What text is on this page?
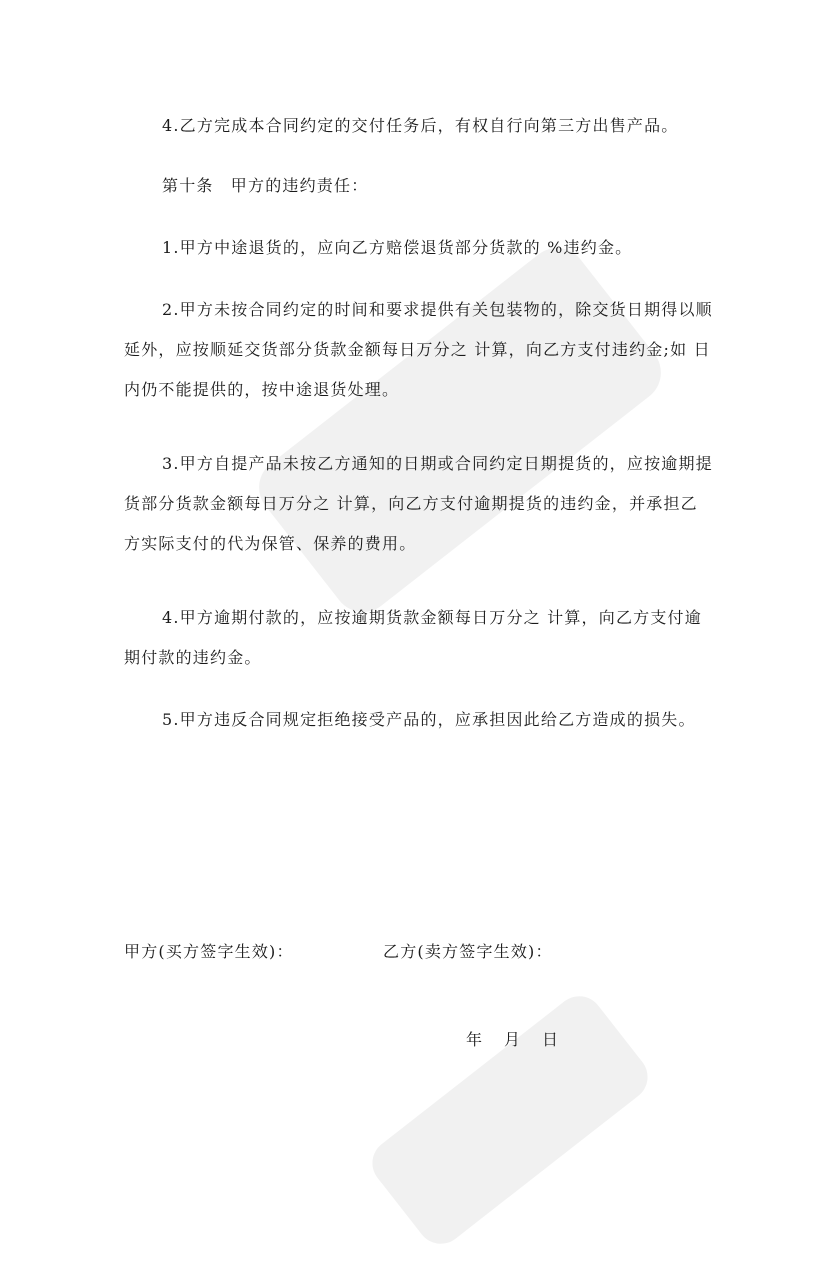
4.乙方完成本合同约定的交付任务后，有权自行向第三方出售产品。

第十条　甲方的违约责任：

1.甲方中途退货的，应向乙方赔偿退货部分货款的 %违约金。

2.甲方未按合同约定的时间和要求提供有关包装物的，除交货日期得以顺延外，应按顺延交货部分货款金额每日万分之 计算，向乙方支付违约金;如 日内仍不能提供的，按中途退货处理。

3.甲方自提产品未按乙方通知的日期或合同约定日期提货的，应按逾期提货部分货款金额每日万分之 计算，向乙方支付逾期提货的违约金，并承担乙方实际支付的代为保管、保养的费用。

4.甲方逾期付款的，应按逾期货款金额每日万分之 计算，向乙方支付逾期付款的违约金。

5.甲方违反合同规定拒绝接受产品的，应承担因此给乙方造成的损失。

甲方(买方签字生效)：	乙方(卖方签字生效)：

年 月 日
